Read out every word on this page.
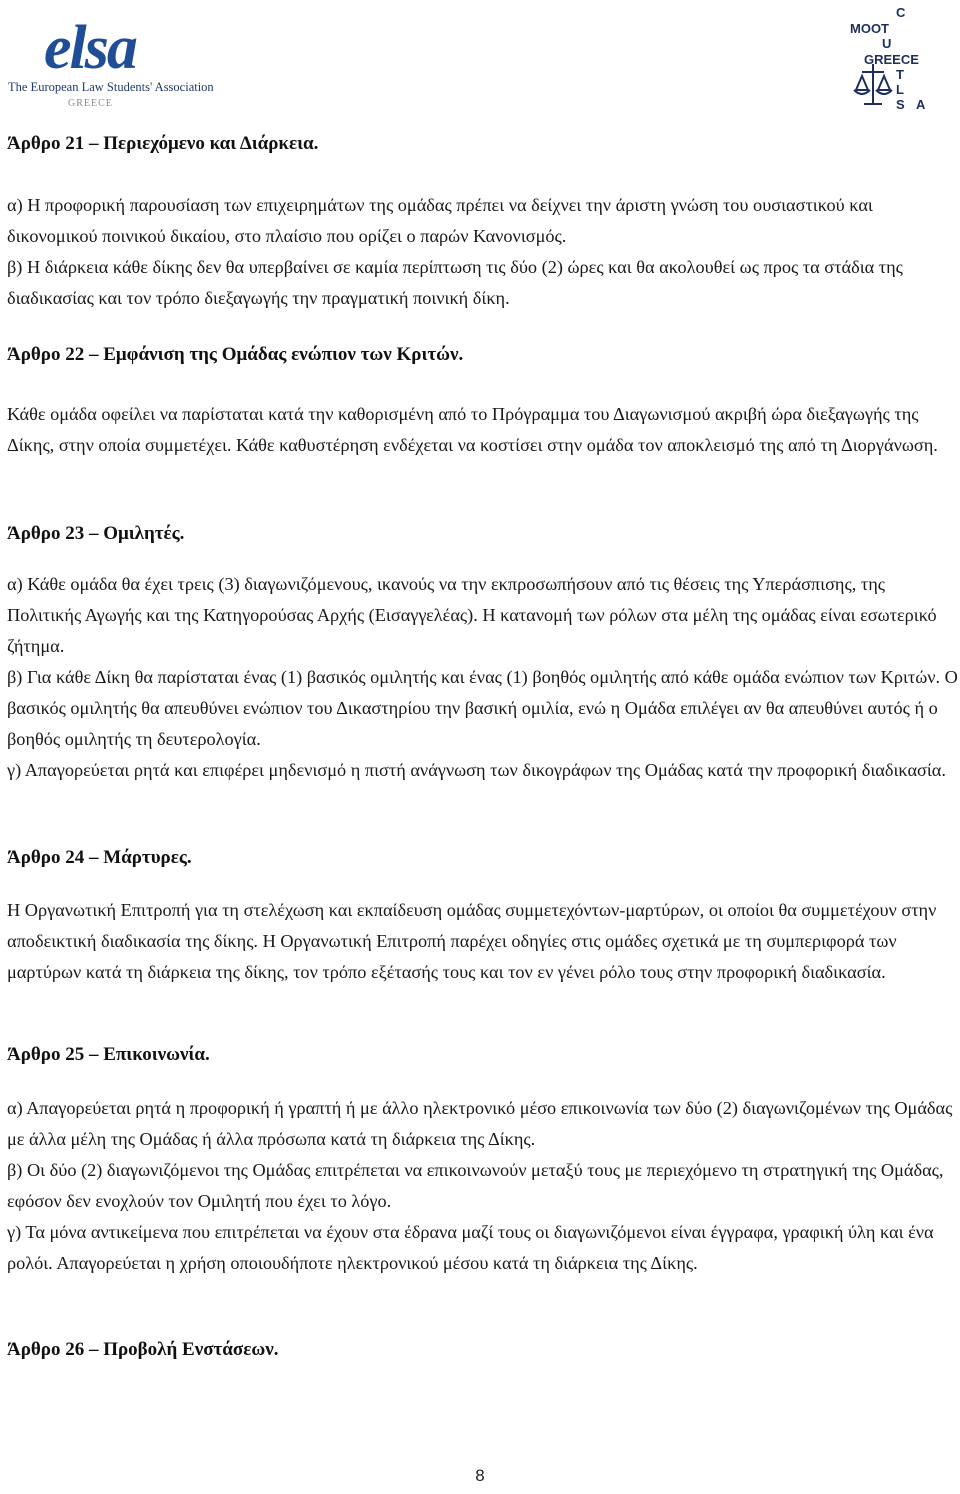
elsa
The European Law Students' Association
GREECE
C
MOOT
U
GREECE
T
L
S A
Άρθρο 21 – Περιεχόμενο και Διάρκεια.

α) Η προφορική παρουσίαση των επιχειρημάτων της ομάδας πρέπει να δείχνει την άριστη γνώση του ουσιαστικού και δικονομικού ποινικού δικαίου, στο πλαίσιο που ορίζει ο παρών Κανονισμός.

β) Η διάρκεια κάθε δίκης δεν θα υπερβαίνει σε καμία περίπτωση τις δύο (2) ώρες και θα ακολουθεί ως προς τα στάδια της διαδικασίας και τον τρόπο διεξαγωγής την πραγματική ποινική δίκη.

Άρθρο 22 – Εμφάνιση της Ομάδας ενώπιον των Κριτών.

Κάθε ομάδα οφείλει να παρίσταται κατά την καθορισμένη από το Πρόγραμμα του Διαγωνισμού ακριβή ώρα διεξαγωγής της Δίκης, στην οποία συμμετέχει. Κάθε καθυστέρηση ενδέχεται να κοστίσει στην ομάδα τον αποκλεισμό της από τη Διοργάνωση.

Άρθρο 23 – Ομιλητές.

α) Κάθε ομάδα θα έχει τρεις (3) διαγωνιζόμενους, ικανούς να την εκπροσωπήσουν από τις θέσεις της Υπεράσπισης, της Πολιτικής Αγωγής και της Κατηγορούσας Αρχής (Εισαγγελέας). Η κατανομή των ρόλων στα μέλη της ομάδας είναι εσωτερικό ζήτημα.

β) Για κάθε Δίκη θα παρίσταται ένας (1) βασικός ομιλητής και ένας (1) βοηθός ομιλητής από κάθε ομάδα ενώπιον των Κριτών. Ο βασικός ομιλητής θα απευθύνει ενώπιον του Δικαστηρίου την βασική ομιλία, ενώ η Ομάδα επιλέγει αν θα απευθύνει αυτός ή ο βοηθός ομιλητής τη δευτερολογία.

γ) Απαγορεύεται ρητά και επιφέρει μηδενισμό η πιστή ανάγνωση των δικογράφων της Ομάδας κατά την προφορική διαδικασία.

Άρθρο 24 – Μάρτυρες.

Η Οργανωτική Επιτροπή για τη στελέχωση και εκπαίδευση ομάδας συμμετεχόντων-μαρτύρων, οι οποίοι θα συμμετέχουν στην αποδεικτική διαδικασία της δίκης. Η Οργανωτική Επιτροπή παρέχει οδηγίες στις ομάδες σχετικά με τη συμπεριφορά των μαρτύρων κατά τη διάρκεια της δίκης, τον τρόπο εξέτασής τους και τον εν γένει ρόλο τους στην προφορική διαδικασία.

Άρθρο 25 – Επικοινωνία.

α) Απαγορεύεται ρητά η προφορική ή γραπτή ή με άλλο ηλεκτρονικό μέσο επικοινωνία των δύο (2) διαγωνιζομένων της Ομάδας με άλλα μέλη της Ομάδας ή άλλα πρόσωπα κατά τη διάρκεια της Δίκης.

β) Οι δύο (2) διαγωνιζόμενοι της Ομάδας επιτρέπεται να επικοινωνούν μεταξύ τους με περιεχόμενο τη στρατηγική της Ομάδας, εφόσον δεν ενοχλούν τον Ομιλητή που έχει το λόγο.

γ) Τα μόνα αντικείμενα που επιτρέπεται να έχουν στα έδρανα μαζί τους οι διαγωνιζόμενοι είναι έγγραφα, γραφική ύλη και ένα ρολόι. Απαγορεύεται η χρήση οποιουδήποτε ηλεκτρονικού μέσου κατά τη διάρκεια της Δίκης.

Άρθρο 26 – Προβολή Ενστάσεων.
8
